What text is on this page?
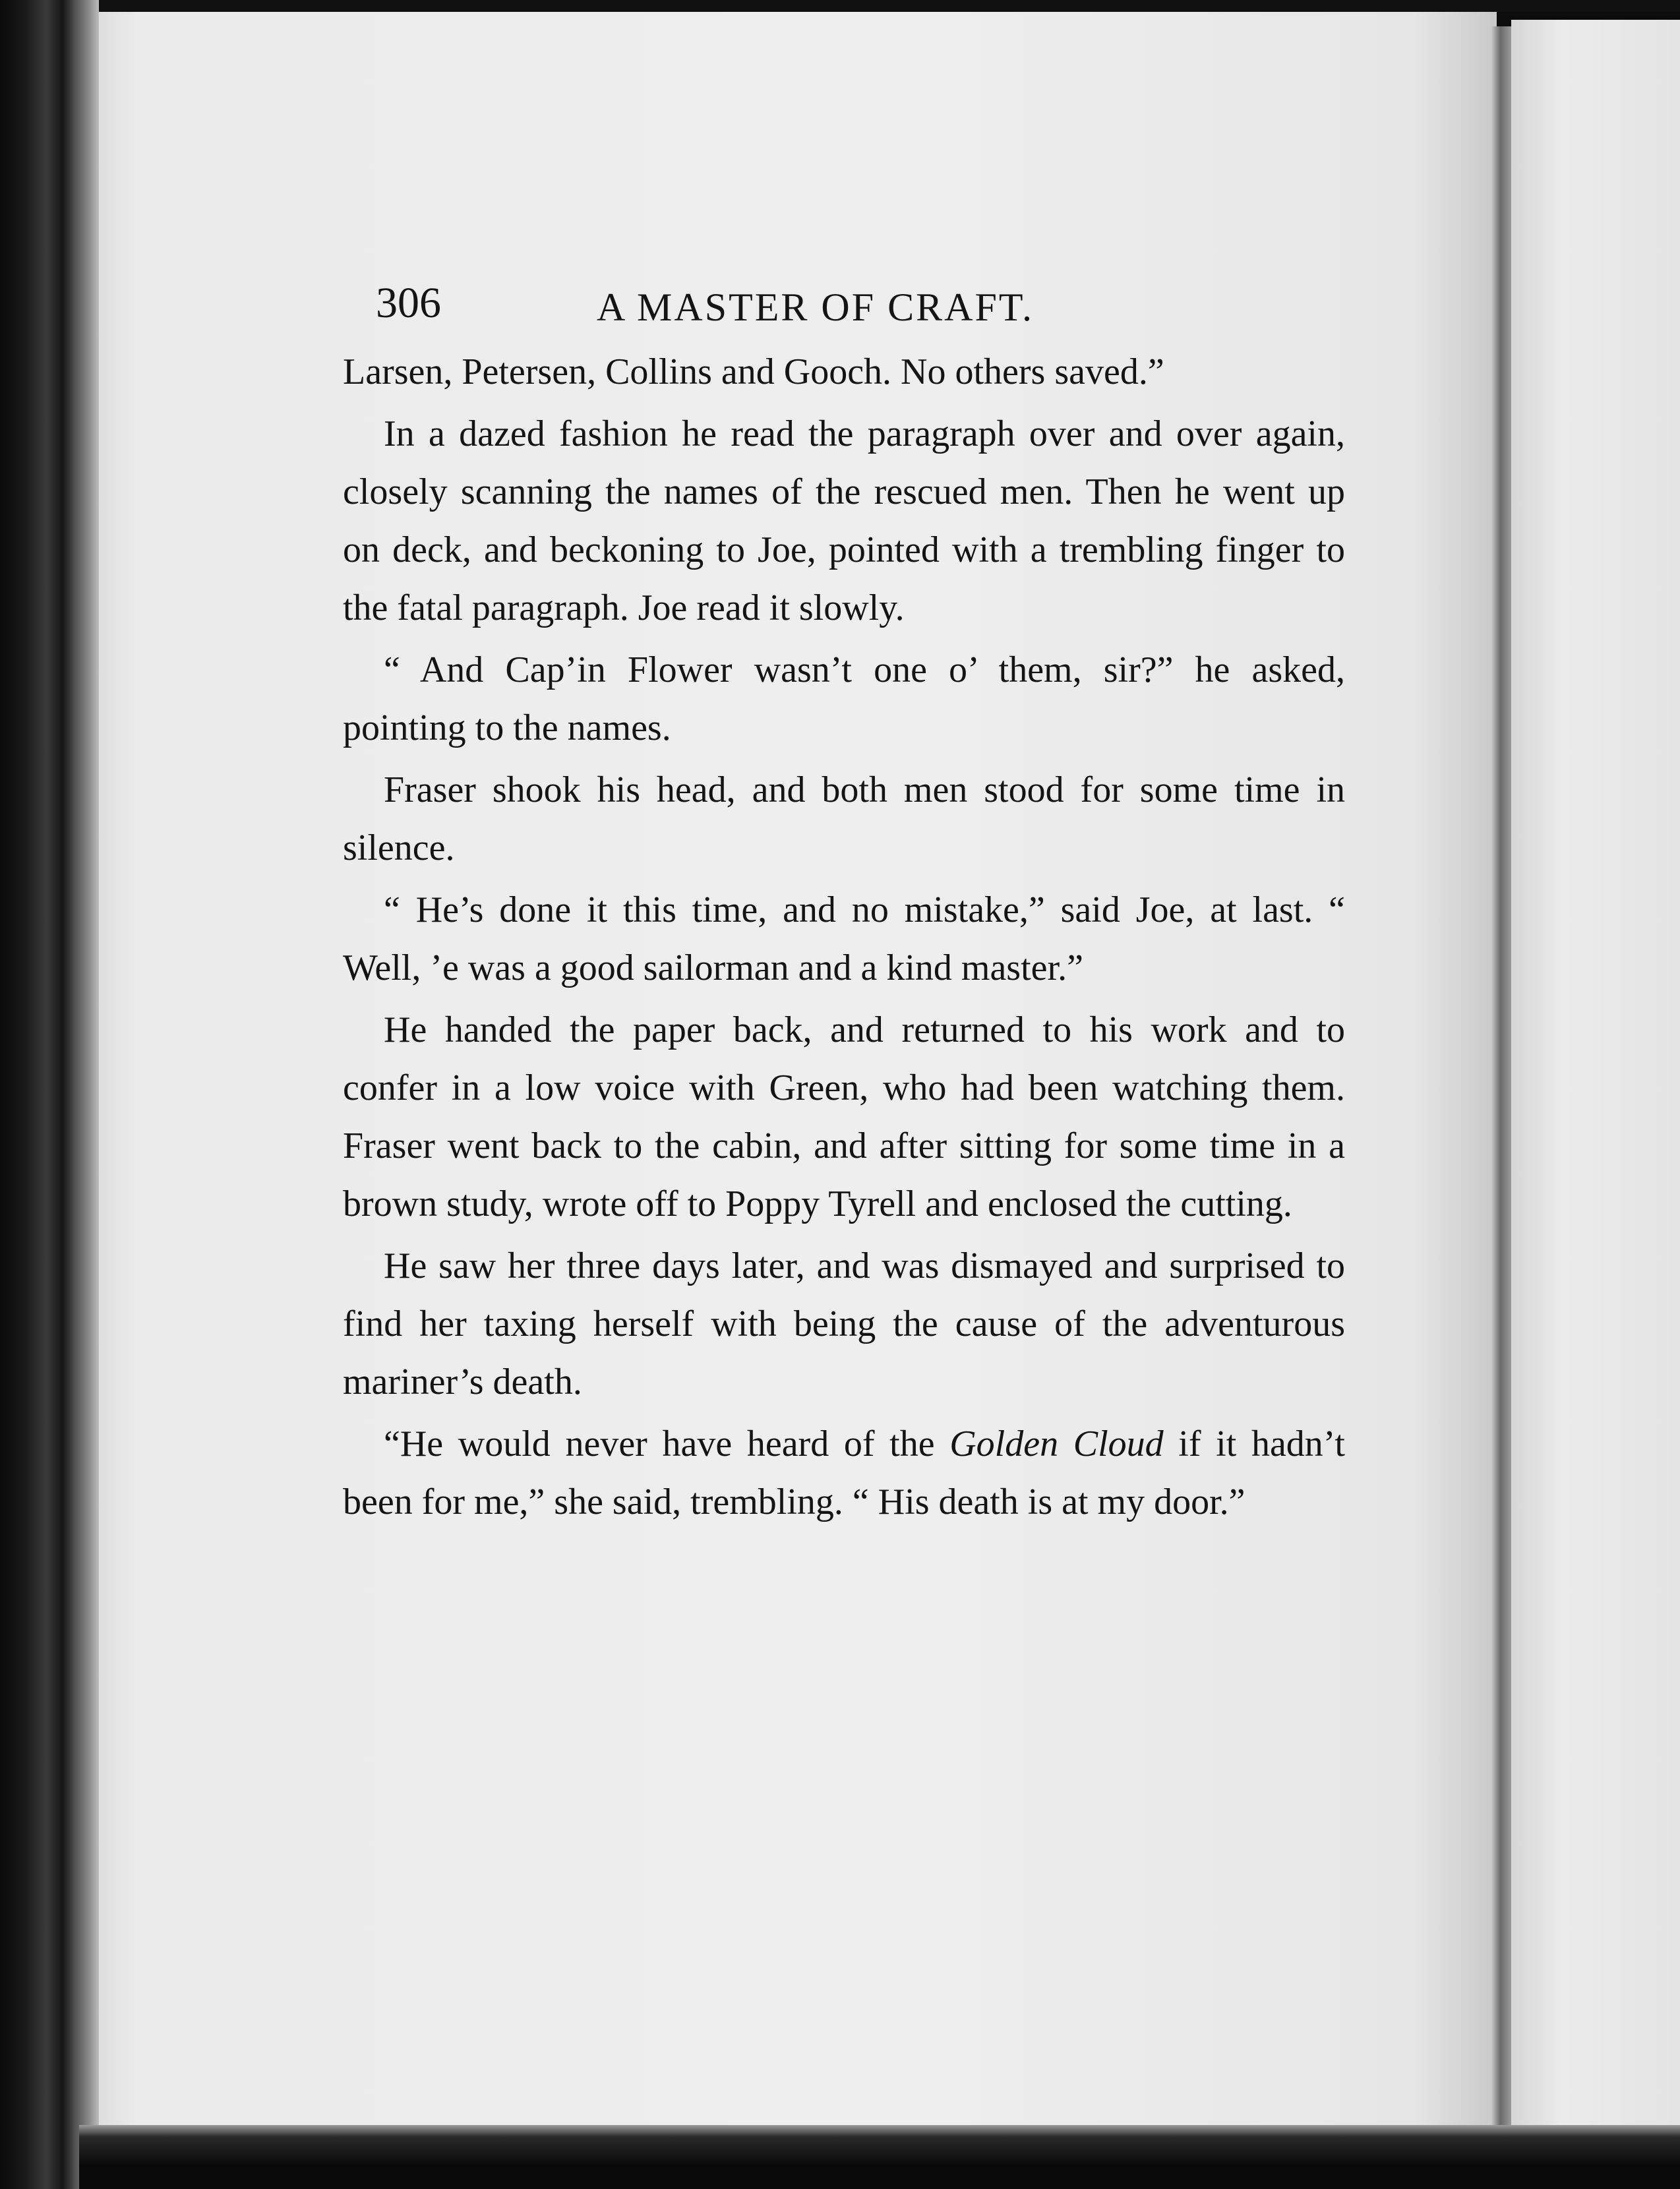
306	A MASTER OF CRAFT.

Larsen, Petersen, Collins and Gooch. No others saved.”

In a dazed fashion he read the paragraph over and over again, closely scanning the names of the rescued men. Then he went up on deck, and beckoning to Joe, pointed with a trembling finger to the fatal paragraph. Joe read it slowly.

“ And Cap’in Flower wasn’t one o’ them, sir?” he asked, pointing to the names.

Fraser shook his head, and both men stood for some time in silence.

“ He’s done it this time, and no mistake,” said Joe, at last. “ Well, ’e was a good sailorman and a kind master.”

He handed the paper back, and returned to his work and to confer in a low voice with Green, who had been watching them. Fraser went back to the cabin, and after sitting for some time in a brown study, wrote off to Poppy Tyrell and enclosed the cutting.

He saw her three days later, and was dismayed and surprised to find her taxing herself with being the cause of the adventurous mariner’s death.

“He would never have heard of the Golden Cloud if it hadn’t been for me,” she said, trembling. “ His death is at my door.”
